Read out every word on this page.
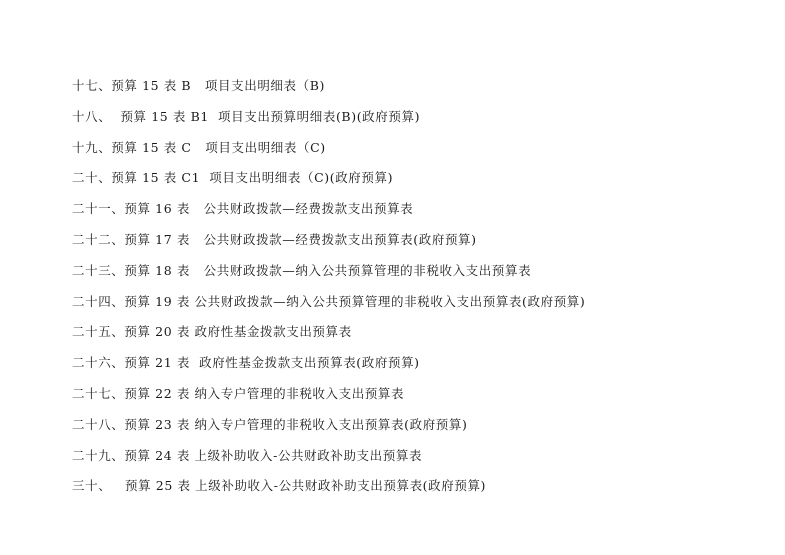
十七、预算 15 表 B   项目支出明细表（B)
十八、  预算 15 表 B1  项目支出预算明细表(B)(政府预算)
十九、预算 15 表 C   项目支出明细表（C)
二十、预算 15 表 C1  项目支出明细表（C)(政府预算)
二十一、预算 16 表   公共财政拨款—经费拨款支出预算表
二十二、预算 17 表   公共财政拨款—经费拨款支出预算表(政府预算)
二十三、预算 18 表   公共财政拨款—纳入公共预算管理的非税收入支出预算表
二十四、预算 19 表 公共财政拨款—纳入公共预算管理的非税收入支出预算表(政府预算)
二十五、预算 20 表 政府性基金拨款支出预算表
二十六、预算 21 表  政府性基金拨款支出预算表(政府预算)
二十七、预算 22 表 纳入专户管理的非税收入支出预算表
二十八、预算 23 表 纳入专户管理的非税收入支出预算表(政府预算)
二十九、预算 24 表 上级补助收入-公共财政补助支出预算表
三十、   预算 25 表 上级补助收入-公共财政补助支出预算表(政府预算)
